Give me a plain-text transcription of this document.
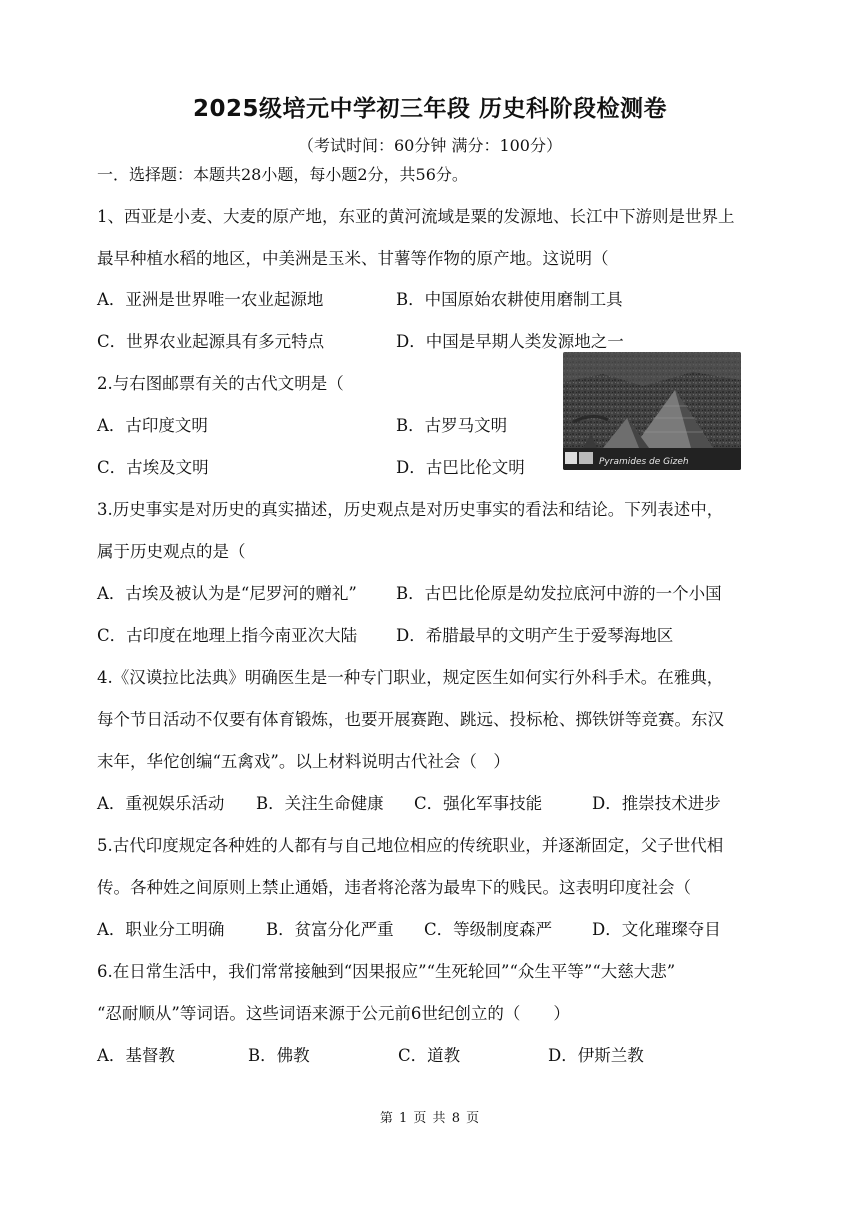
2025级培元中学初三年段 历史科阶段检测卷
（考试时间：60分钟 满分：100分）
一．选择题：本题共28小题，每小题2分，共56分。
1、西亚是小麦、大麦的原产地，东亚的黄河流域是粟的发源地、长江中下游则是世界上
最早种植水稻的地区，中美洲是玉米、甘薯等作物的原产地。这说明（
A．亚洲是世界唯一农业起源地	B．中国原始农耕使用磨制工具
C．世界农业起源具有多元特点	D．中国是早期人类发源地之一
2.与右图邮票有关的古代文明是（
A．古印度文明	B．古罗马文明
C．古埃及文明	D．古巴比伦文明	Pyramides de Gizeh
3.历史事实是对历史的真实描述，历史观点是对历史事实的看法和结论。下列表述中，
属于历史观点的是（
A．古埃及被认为是“尼罗河的赠礼” B．古巴比伦原是幼发拉底河中游的一个小国
C．古印度在地理上指今南亚次大陆 D．希腊最早的文明产生于爱琴海地区
4.《汉谟拉比法典》明确医生是一种专门职业，规定医生如何实行外科手术。在雅典，
每个节日活动不仅要有体育锻炼，也要开展赛跑、跳远、投标枪、掷铁饼等竞赛。东汉
末年，华佗创编“五禽戏”。以上材料说明古代社会（　）
A．重视娱乐活动 B．关注生命健康 C．强化军事技能	D．推崇技术进步
5.古代印度规定各种姓的人都有与自己地位相应的传统职业，并逐渐固定，父子世代相
传。各种姓之间原则上禁止通婚，违者将沦落为最卑下的贱民。这表明印度社会（
A．职业分工明确	B．贫富分化严重 C．等级制度森严 D．文化璀璨夺目
6.在日常生活中，我们常常接触到“因果报应”“生死轮回”“众生平等”“大慈大悲”
“忍耐顺从”等词语。这些词语来源于公元前6世纪创立的（　　）
A．基督教	B．佛教	C．道教	D．伊斯兰教
第 1 页 共 8 页
